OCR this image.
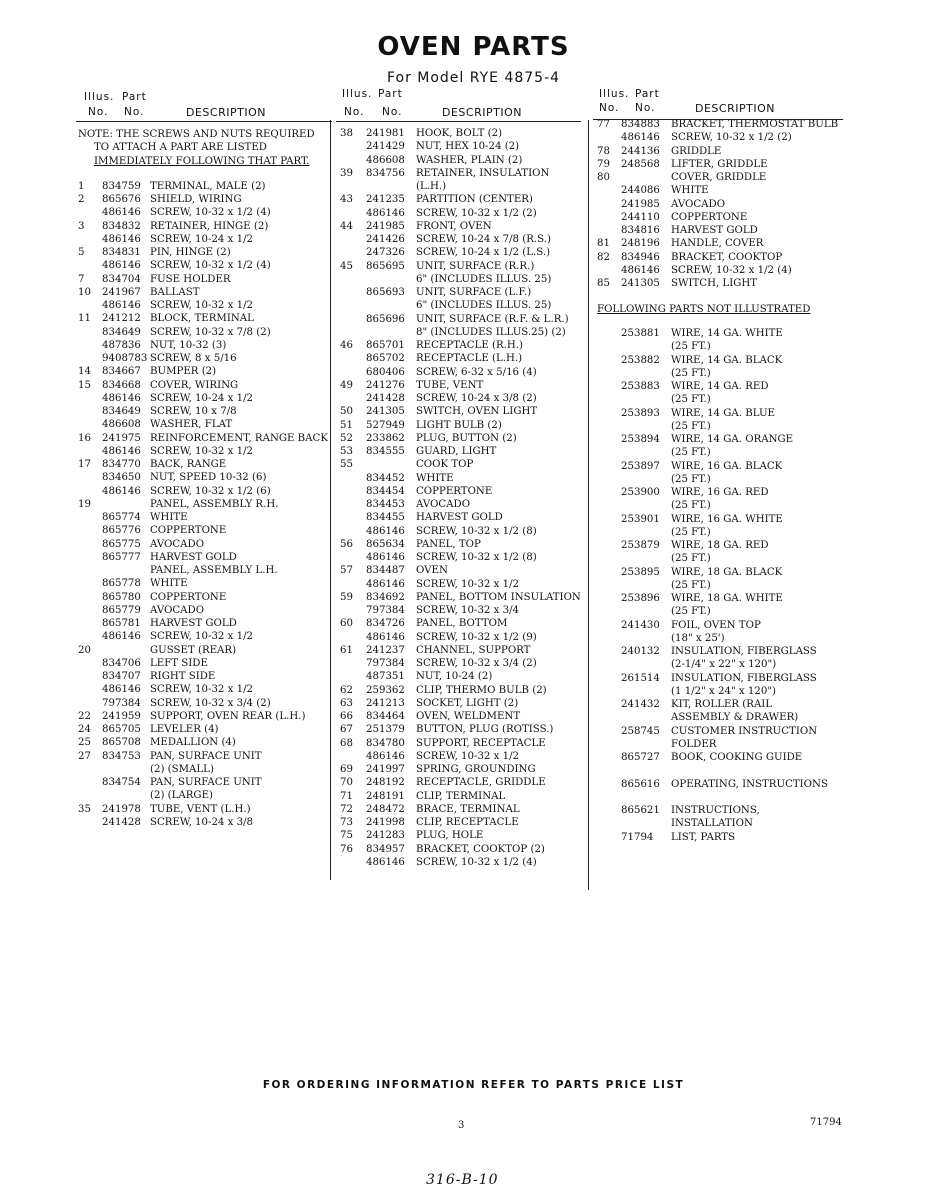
OVEN PARTS
For Model RYE 4875-4
Illus. Part
No. No.	DESCRIPTION
NOTE: THE SCREWS AND NUTS REQUIRED
TO ATTACH A PART ARE LISTED
IMMEDIATELY FOLLOWING THAT PART.
1 834759 TERMINAL, MALE (2)
2 865676 SHIELD, WIRING
486146 SCREW, 10-32 x 1/2 (4)
3 834832 RETAINER, HINGE (2)
486146 SCREW, 10-24 x 1/2
5 834831 PIN, HINGE (2)
486146 SCREW, 10-32 x 1/2 (4)
7 834704 FUSE HOLDER
10 241967 BALLAST
486146 SCREW, 10-32 x 1/2
11 241212 BLOCK, TERMINAL
834649 SCREW, 10-32 x 7/8 (2)
487836 NUT, 10-32 (3)
9408783 SCREW, 8 x 5/16
14 834667 BUMPER (2)
15 834668 COVER, WIRING
486146 SCREW, 10-24 x 1/2
834649 SCREW, 10 x 7/8
486608 WASHER, FLAT
16 241975 REINFORCEMENT, RANGE BACK
486146 SCREW, 10-32 x 1/2
17 834770 BACK, RANGE
834650 NUT, SPEED 10-32 (6)
486146 SCREW, 10-32 x 1/2 (6)
19	PANEL, ASSEMBLY R.H.
865774 WHITE
865776 COPPERTONE
865775 AVOCADO
865777 HARVEST GOLD
PANEL, ASSEMBLY L.H.
865778 WHITE
865780 COPPERTONE
865779 AVOCADO
865781 HARVEST GOLD
486146 SCREW, 10-32 x 1/2
20	GUSSET (REAR)
834706 LEFT SIDE
834707 RIGHT SIDE
486146 SCREW, 10-32 x 1/2
797384 SCREW, 10-32 x 3/4 (2)
22 241959 SUPPORT, OVEN REAR (L.H.)
24 865705 LEVELER (4)
25 865708 MEDALLION (4)
27 834753 PAN, SURFACE UNIT
(2) (SMALL)
834754 PAN, SURFACE UNIT
(2) (LARGE)
35 241978 TUBE, VENT (L.H.)
241428 SCREW, 10-24 x 3/8
Illus. Part
No. No.	DESCRIPTION
38 241981 HOOK, BOLT (2)
241429 NUT, HEX 10-24 (2)
486608 WASHER, PLAIN (2)
39 834756 RETAINER, INSULATION
(L.H.)
43 241235 PARTITION (CENTER)
486146 SCREW, 10-32 x 1/2 (2)
44 241985 FRONT, OVEN
241426 SCREW, 10-24 x 7/8 (R.S.)
247326 SCREW, 10-24 x 1/2 (L.S.)
45 865695 UNIT, SURFACE (R.R.)
6" (INCLUDES ILLUS. 25)
865693 UNIT, SURFACE (L.F.)
6" (INCLUDES ILLUS. 25)
865696 UNIT, SURFACE (R.F. & L.R.)
8" (INCLUDES ILLUS.25) (2)
46 865701 RECEPTACLE (R.H.)
865702 RECEPTACLE (L.H.)
680406 SCREW, 6-32 x 5/16 (4)
49 241276 TUBE, VENT
241428 SCREW, 10-24 x 3/8 (2)
50 241305 SWITCH, OVEN LIGHT
51 527949 LIGHT BULB (2)
52 233862 PLUG, BUTTON (2)
53 834555 GUARD, LIGHT
55	COOK TOP
834452 WHITE
834454 COPPERTONE
834453 AVOCADO
834455 HARVEST GOLD
486146 SCREW, 10-32 x 1/2 (8)
56 865634 PANEL, TOP
486146 SCREW, 10-32 x 1/2 (8)
57 834487 OVEN
486146 SCREW, 10-32 x 1/2
59 834692 PANEL, BOTTOM INSULATION
797384 SCREW, 10-32 x 3/4
60 834726 PANEL, BOTTOM
486146 SCREW, 10-32 x 1/2 (9)
61 241237 CHANNEL, SUPPORT
797384 SCREW, 10-32 x 3/4 (2)
487351 NUT, 10-24 (2)
62 259362 CLIP, THERMO BULB (2)
63 241213 SOCKET, LIGHT (2)
66 834464 OVEN, WELDMENT
67 251379 BUTTON, PLUG (ROTISS.)
68 834780 SUPPORT, RECEPTACLE
486146 SCREW, 10-32 x 1/2
69 241997 SPRING, GROUNDING
70 248192 RECEPTACLE, GRIDDLE
71 248191 CLIP, TERMINAL
72 248472 BRACE, TERMINAL
73 241998 CLIP, RECEPTACLE
75 241283 PLUG, HOLE
76 834957 BRACKET, COOKTOP (2)
486146 SCREW, 10-32 x 1/2 (4)
Illus. Part
No. No.	DESCRIPTION
77 834883 BRACKET, THERMOSTAT BULB
486146 SCREW, 10-32 x 1/2 (2)
78 244136 GRIDDLE
79 248568 LIFTER, GRIDDLE
80	COVER, GRIDDLE
244086 WHITE
241985 AVOCADO
244110 COPPERTONE
834816 HARVEST GOLD
81 248196 HANDLE, COVER
82 834946 BRACKET, COOKTOP
486146 SCREW, 10-32 x 1/2 (4)
85 241305 SWITCH, LIGHT
FOLLOWING PARTS NOT ILLUSTRATED
253881 WIRE, 14 GA. WHITE
(25 FT.)
253882 WIRE, 14 GA. BLACK
(25 FT.)
253883 WIRE, 14 GA. RED
(25 FT.)
253893 WIRE, 14 GA. BLUE
(25 FT.)
253894 WIRE, 14 GA. ORANGE
(25 FT.)
253897 WIRE, 16 GA. BLACK
(25 FT.)
253900 WIRE, 16 GA. RED
(25 FT.)
253901 WIRE, 16 GA. WHITE
(25 FT.)
253879 WIRE, 18 GA. RED
(25 FT.)
253895 WIRE, 18 GA. BLACK
(25 FT.)
253896 WIRE, 18 GA. WHITE
(25 FT.)
241430 FOIL, OVEN TOP
(18" x 25')
240132 INSULATION, FIBERGLASS
(2-1/4" x 22" x 120")
261514 INSULATION, FIBERGLASS
(1 1/2" x 24" x 120")
241432 KIT, ROLLER (RAIL
ASSEMBLY & DRAWER)
258745 CUSTOMER INSTRUCTION
FOLDER
865727 BOOK, COOKING GUIDE
865616 OPERATING, INSTRUCTIONS
865621 INSTRUCTIONS,
INSTALLATION
71794 LIST, PARTS
FOR ORDERING INFORMATION REFER TO PARTS PRICE LIST
3	71794
316-B-10
